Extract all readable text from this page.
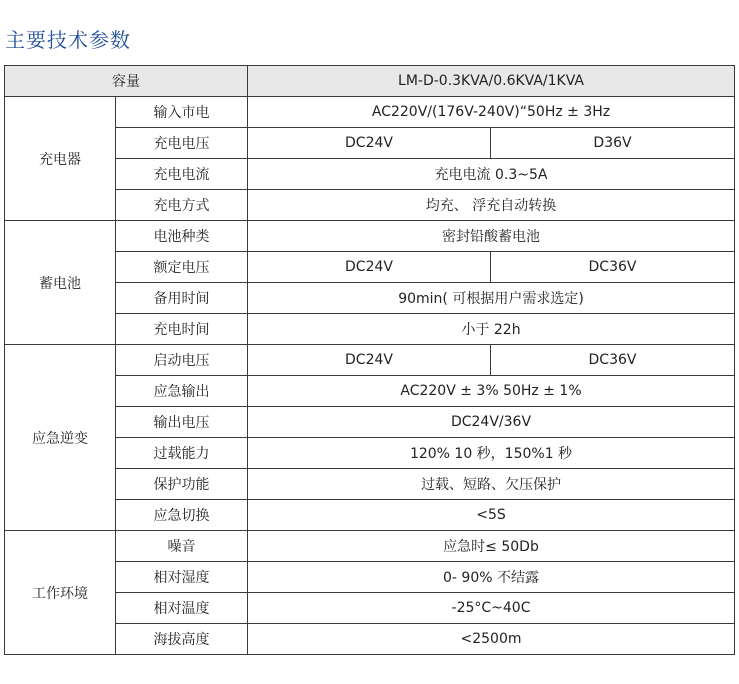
主要技术参数
容量		LM-D-0.3KVA/0.6KVA/1KVA	
充电器	输入市电	AC220V/(176V-240V)“50Hz ± 3Hz	
	充电电压	DC24V	D36V
	充电电流	充电电流 0.3~5A	
	充电方式	均充、 浮充自动转换	
蓄电池	电池种类	密封铅酸蓄电池	
	额定电压	DC24V	DC36V
	备用时间	90min( 可根据用户需求选定)	
	充电时间	小于 22h	
应急逆变	启动电压	DC24V	DC36V
	应急输出	AC220V ± 3% 50Hz ± 1%	
	输出电压	DC24V/36V	
	过载能力	120% 10 秒，150%1 秒	
	保护功能	过载、短路、欠压保护	
	应急切换	<5S	
工作环境	噪音	应急时≤ 50Db	
	相对湿度	0- 90% 不结露	
	相对温度	-25°C~40C	
	海拔高度	<2500m	
